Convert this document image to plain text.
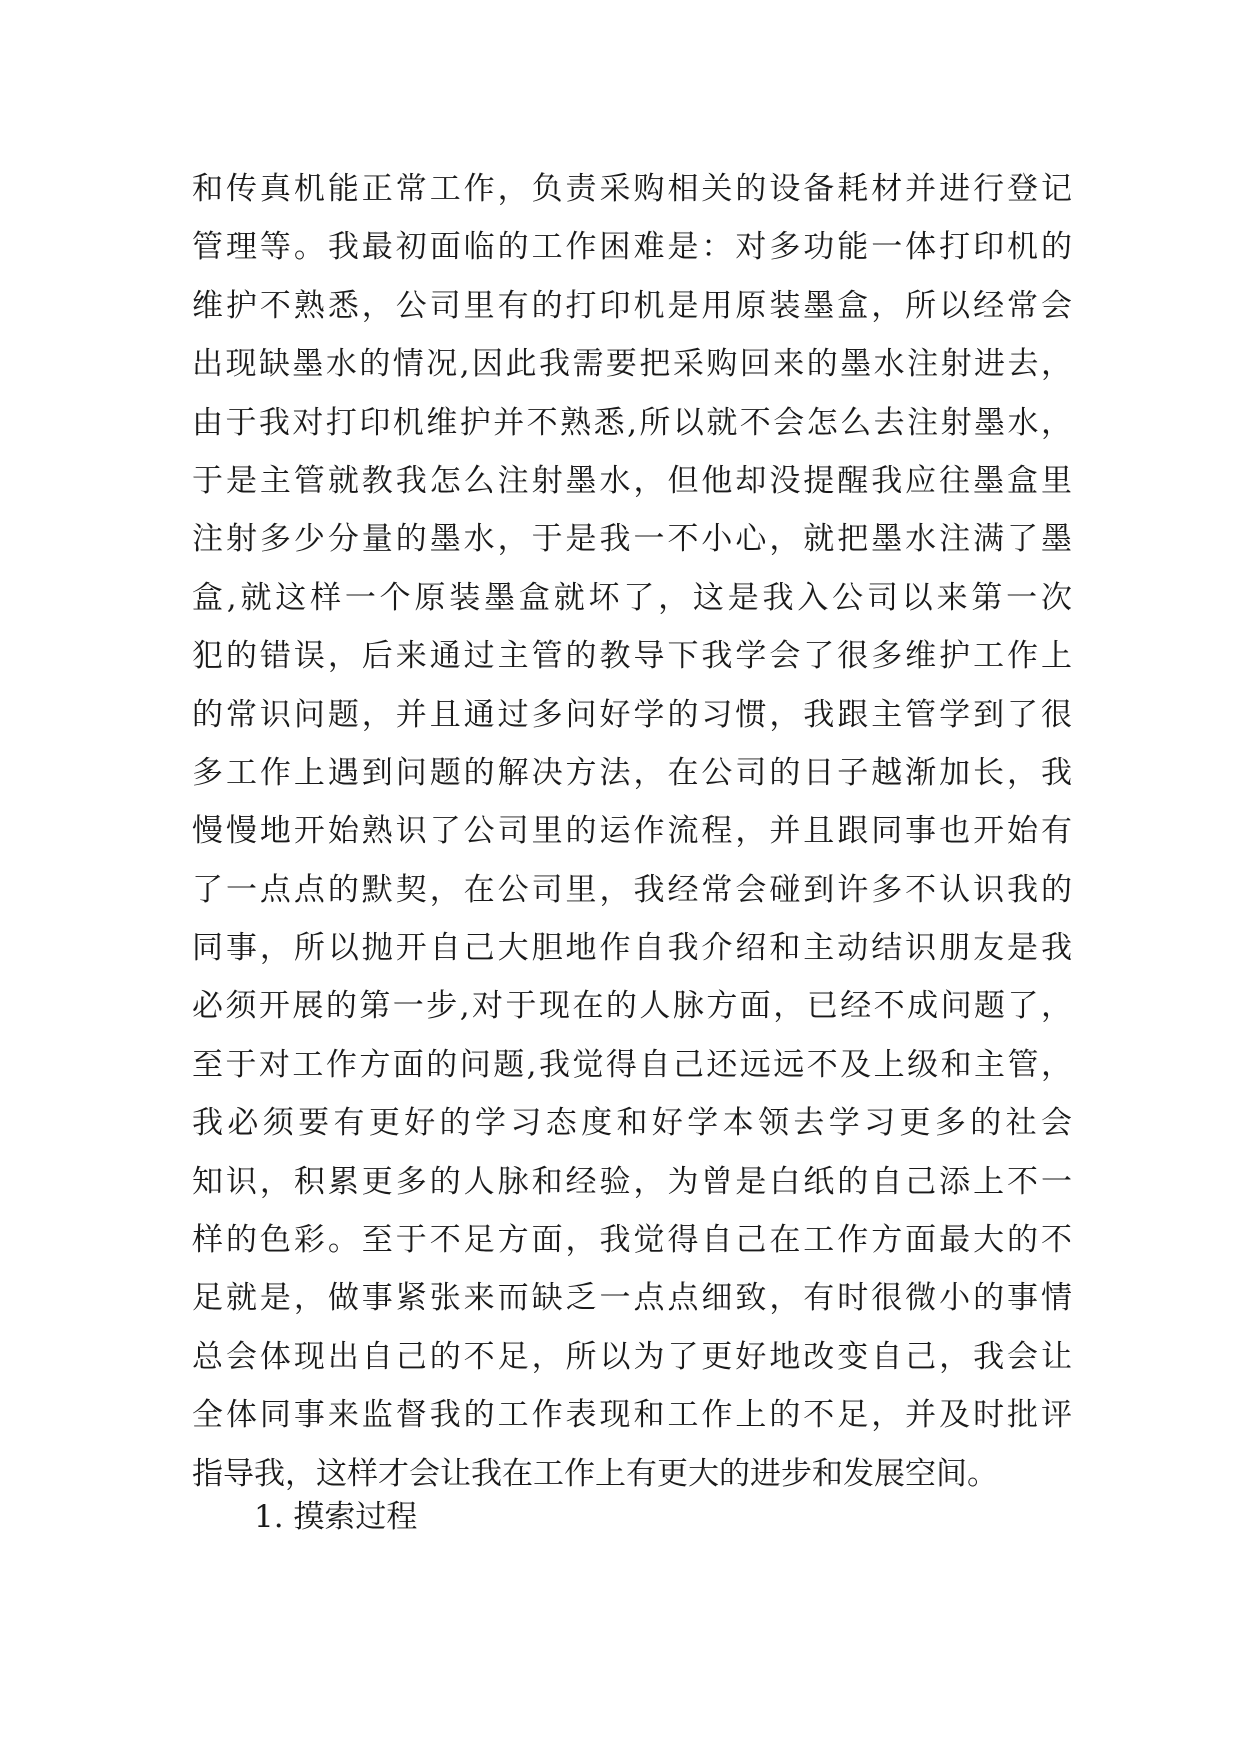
和传真机能正常工作，负责采购相关的设备耗材并进行登记
管理等。我最初面临的工作困难是：对多功能一体打印机的
维护不熟悉，公司里有的打印机是用原装墨盒，所以经常会
出现缺墨水的情况,因此我需要把采购回来的墨水注射进去，
由于我对打印机维护并不熟悉,所以就不会怎么去注射墨水，
于是主管就教我怎么注射墨水，但他却没提醒我应往墨盒里
注射多少分量的墨水，于是我一不小心，就把墨水注满了墨
盒,就这样一个原装墨盒就坏了，这是我入公司以来第一次
犯的错误，后来通过主管的教导下我学会了很多维护工作上
的常识问题，并且通过多问好学的习惯，我跟主管学到了很
多工作上遇到问题的解决方法，在公司的日子越渐加长，我
慢慢地开始熟识了公司里的运作流程，并且跟同事也开始有
了一点点的默契，在公司里，我经常会碰到许多不认识我的
同事，所以抛开自己大胆地作自我介绍和主动结识朋友是我
必须开展的第一步,对于现在的人脉方面，已经不成问题了，
至于对工作方面的问题,我觉得自己还远远不及上级和主管，
我必须要有更好的学习态度和好学本领去学习更多的社会
知识，积累更多的人脉和经验，为曾是白纸的自己添上不一
样的色彩。至于不足方面，我觉得自己在工作方面最大的不
足就是，做事紧张来而缺乏一点点细致，有时很微小的事情
总会体现出自己的不足，所以为了更好地改变自己，我会让
全体同事来监督我的工作表现和工作上的不足，并及时批评
指导我，这样才会让我在工作上有更大的进步和发展空间。
1. 摸索过程
